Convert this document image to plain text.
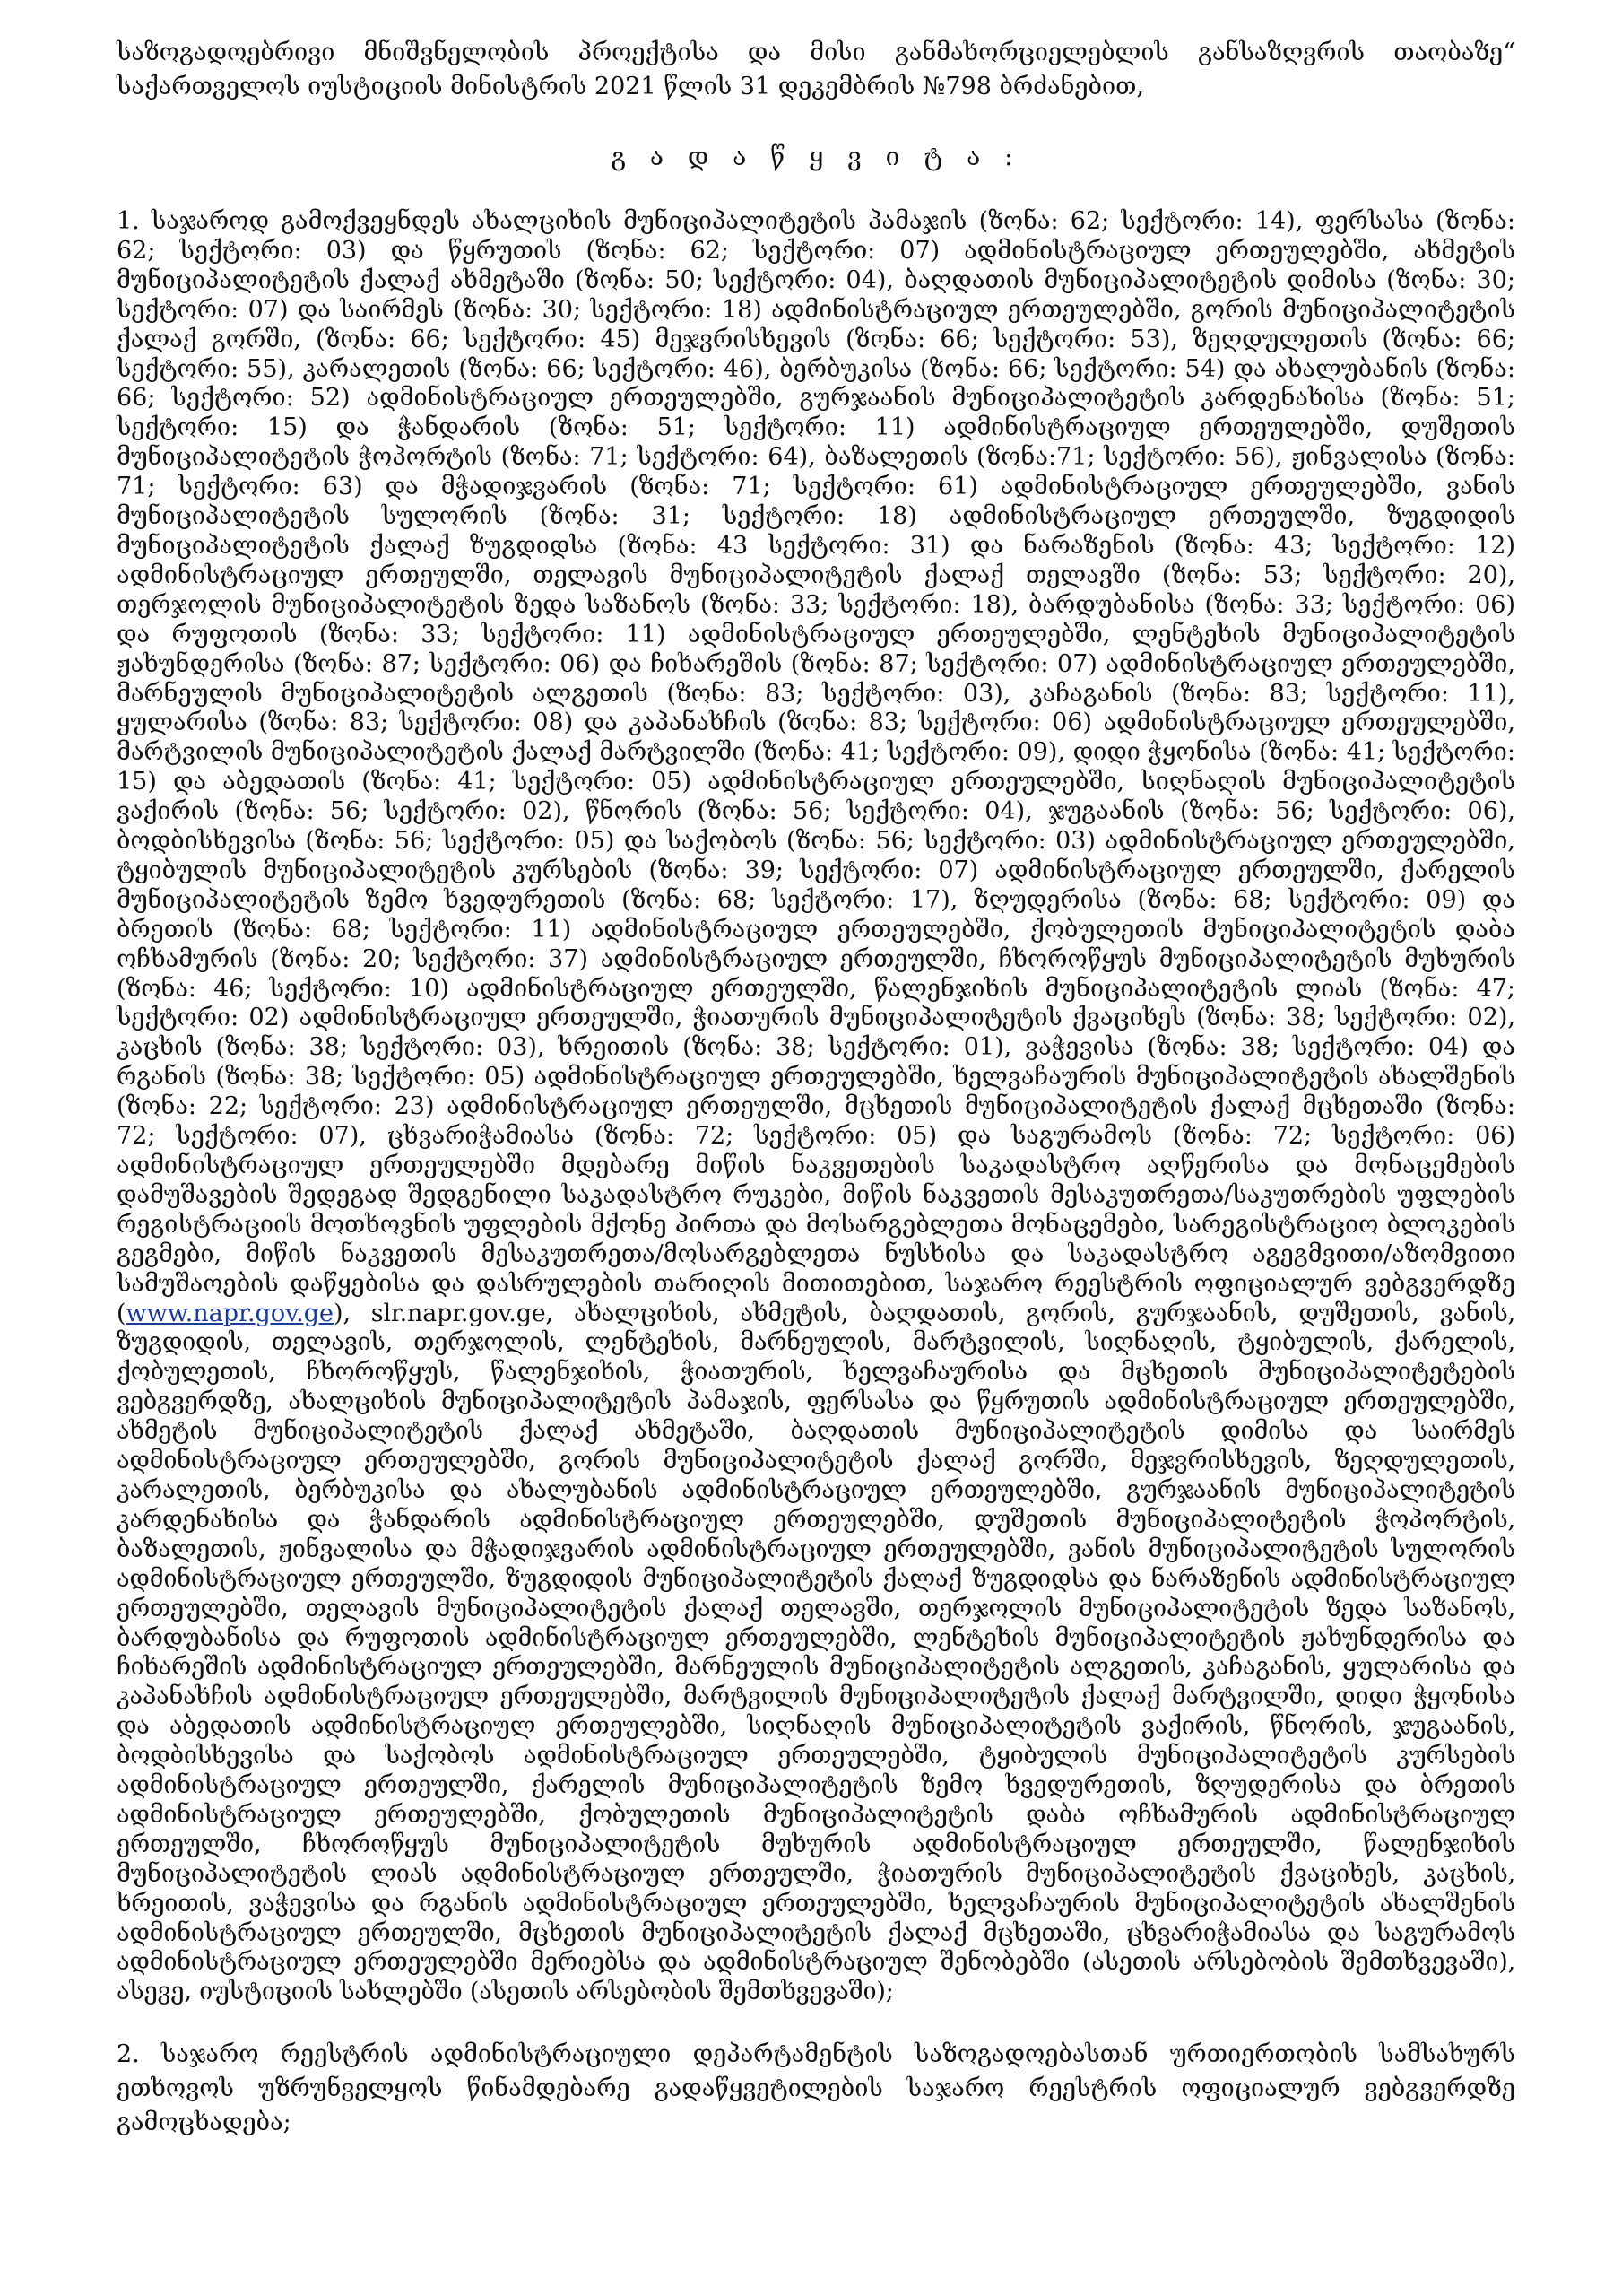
საზოგადოებრივი მნიშვნელობის პროექტისა და მისი განმახორციელებლის განსაზღვრის თაობაზე“ საქართველოს იუსტიციის მინისტრის 2021 წლის 31 დეკემბრის №798 ბრძანებით,

გ ა დ ა წ ყ ვ ი ტ ა :

1. საჯაროდ გამოქვეყნდეს ახალციხის მუნიციპალიტეტის პამაჯის (ზონა: 62; სექტორი: 14), ფერსასა (ზონა: 62; სექტორი: 03) და წყრუთის (ზონა: 62; სექტორი: 07) ადმინისტრაციულ ერთეულებში, ახმეტის მუნიციპალიტეტის ქალაქ ახმეტაში (ზონა: 50; სექტორი: 04), ბაღდათის მუნიციპალიტეტის დიმისა (ზონა: 30; სექტორი: 07) და საირმეს (ზონა: 30; სექტორი: 18) ადმინისტრაციულ ერთეულებში, გორის მუნიციპალიტეტის ქალაქ გორში, (ზონა: 66; სექტორი: 45) მეჯვრისხევის (ზონა: 66; სექტორი: 53), ზეღდულეთის (ზონა: 66; სექტორი: 55), კარალეთის (ზონა: 66; სექტორი: 46), ბერბუკისა (ზონა: 66; სექტორი: 54) და ახალუბანის (ზონა: 66; სექტორი: 52) ადმინისტრაციულ ერთეულებში, გურჯაანის მუნიციპალიტეტის კარდენახისა (ზონა: 51; სექტორი: 15) და ჭანდარის (ზონა: 51; სექტორი: 11) ადმინისტრაციულ ერთეულებში, დუშეთის მუნიციპალიტეტის ჭოპორტის (ზონა: 71; სექტორი: 64), ბაზალეთის (ზონა:71; სექტორი: 56), ჟინვალისა (ზონა: 71; სექტორი: 63) და მჭადიჯვარის (ზონა: 71; სექტორი: 61) ადმინისტრაციულ ერთეულებში, ვანის მუნიციპალიტეტის სულორის (ზონა: 31; სექტორი: 18) ადმინისტრაციულ ერთეულში, ზუგდიდის მუნიციპალიტეტის ქალაქ ზუგდიდსა (ზონა: 43 სექტორი: 31) და ნარაზენის (ზონა: 43; სექტორი: 12) ადმინისტრაციულ ერთეულში, თელავის მუნიციპალიტეტის ქალაქ თელავში (ზონა: 53; სექტორი: 20), თერჯოლის მუნიციპალიტეტის ზედა საზანოს (ზონა: 33; სექტორი: 18), ბარდუბანისა (ზონა: 33; სექტორი: 06) და რუფოთის (ზონა: 33; სექტორი: 11) ადმინისტრაციულ ერთეულებში, ლენტეხის მუნიციპალიტეტის ჟახუნდერისა (ზონა: 87; სექტორი: 06) და ჩიხარეშის (ზონა: 87; სექტორი: 07) ადმინისტრაციულ ერთეულებში, მარნეულის მუნიციპალიტეტის ალგეთის (ზონა: 83; სექტორი: 03), კაჩაგანის (ზონა: 83; სექტორი: 11), ყულარისა (ზონა: 83; სექტორი: 08) და კაპანახჩის (ზონა: 83; სექტორი: 06) ადმინისტრაციულ ერთეულებში, მარტვილის მუნიციპალიტეტის ქალაქ მარტვილში (ზონა: 41; სექტორი: 09), დიდი ჭყონისა (ზონა: 41; სექტორი: 15) და აბედათის (ზონა: 41; სექტორი: 05) ადმინისტრაციულ ერთეულებში, სიღნაღის მუნიციპალიტეტის ვაქირის (ზონა: 56; სექტორი: 02), წნორის (ზონა: 56; სექტორი: 04), ჯუგაანის (ზონა: 56; სექტორი: 06), ბოდბისხევისა (ზონა: 56; სექტორი: 05) და საქობოს (ზონა: 56; სექტორი: 03) ადმინისტრაციულ ერთეულებში, ტყიბულის მუნიციპალიტეტის კურსების (ზონა: 39; სექტორი: 07) ადმინისტრაციულ ერთეულში, ქარელის მუნიციპალიტეტის ზემო ხვედურეთის (ზონა: 68; სექტორი: 17), ზღუდერისა (ზონა: 68; სექტორი: 09) და ბრეთის (ზონა: 68; სექტორი: 11) ადმინისტრაციულ ერთეულებში, ქობულეთის მუნიციპალიტეტის დაბა ოჩხამურის (ზონა: 20; სექტორი: 37) ადმინისტრაციულ ერთეულში, ჩხოროწყუს მუნიციპალიტეტის მუხურის (ზონა: 46; სექტორი: 10) ადმინისტრაციულ ერთეულში, წალენჯიხის მუნიციპალიტეტის ლიას (ზონა: 47; სექტორი: 02) ადმინისტრაციულ ერთეულში, ჭიათურის მუნიციპალიტეტის ქვაციხეს (ზონა: 38; სექტორი: 02), კაცხის (ზონა: 38; სექტორი: 03), ხრეითის (ზონა: 38; სექტორი: 01), ვაჭევისა (ზონა: 38; სექტორი: 04) და რგანის (ზონა: 38; სექტორი: 05) ადმინისტრაციულ ერთეულებში, ხელვაჩაურის მუნიციპალიტეტის ახალშენის (ზონა: 22; სექტორი: 23) ადმინისტრაციულ ერთეულში, მცხეთის მუნიციპალიტეტის ქალაქ მცხეთაში (ზონა: 72; სექტორი: 07), ცხვარიჭამიასა (ზონა: 72; სექტორი: 05) და საგურამოს (ზონა: 72; სექტორი: 06) ადმინისტრაციულ ერთეულებში მდებარე მიწის ნაკვეთების საკადასტრო აღწერისა და მონაცემების დამუშავების შედეგად შედგენილი საკადასტრო რუკები, მიწის ნაკვეთის მესაკუთრეთა/საკუთრების უფლების რეგისტრაციის მოთხოვნის უფლების მქონე პირთა და მოსარგებლეთა მონაცემები, სარეგისტრაციო ბლოკების გეგმები, მიწის ნაკვეთის მესაკუთრეთა/მოსარგებლეთა ნუსხისა და საკადასტრო აგეგმვითი/აზომვითი სამუშაოების დაწყებისა და დასრულების თარიღის მითითებით, საჯარო რეესტრის ოფიციალურ ვებგვერდზე (www.napr.gov.ge), slr.napr.gov.ge, ახალციხის, ახმეტის, ბაღდათის, გორის, გურჯაანის, დუშეთის, ვანის, ზუგდიდის, თელავის, თერჯოლის, ლენტეხის, მარნეულის, მარტვილის, სიღნაღის, ტყიბულის, ქარელის, ქობულეთის, ჩხოროწყუს, წალენჯიხის, ჭიათურის, ხელვაჩაურისა და მცხეთის მუნიციპალიტეტების ვებგვერდზე, ახალციხის მუნიციპალიტეტის პამაჯის, ფერსასა და წყრუთის ადმინისტრაციულ ერთეულებში, ახმეტის მუნიციპალიტეტის ქალაქ ახმეტაში, ბაღდათის მუნიციპალიტეტის დიმისა და საირმეს ადმინისტრაციულ ერთეულებში, გორის მუნიციპალიტეტის ქალაქ გორში, მეჯვრისხევის, ზეღდულეთის, კარალეთის, ბერბუკისა და ახალუბანის ადმინისტრაციულ ერთეულებში, გურჯაანის მუნიციპალიტეტის კარდენახისა და ჭანდარის ადმინისტრაციულ ერთეულებში, დუშეთის მუნიციპალიტეტის ჭოპორტის, ბაზალეთის, ჟინვალისა და მჭადიჯვარის ადმინისტრაციულ ერთეულებში, ვანის მუნიციპალიტეტის სულორის ადმინისტრაციულ ერთეულში, ზუგდიდის მუნიციპალიტეტის ქალაქ ზუგდიდსა და ნარაზენის ადმინისტრაციულ ერთეულებში, თელავის მუნიციპალიტეტის ქალაქ თელავში, თერჯოლის მუნიციპალიტეტის ზედა საზანოს, ბარდუბანისა და რუფოთის ადმინისტრაციულ ერთეულებში, ლენტეხის მუნიციპალიტეტის ჟახუნდერისა და ჩიხარეშის ადმინისტრაციულ ერთეულებში, მარნეულის მუნიციპალიტეტის ალგეთის, კაჩაგანის, ყულარისა და კაპანახჩის ადმინისტრაციულ ერთეულებში, მარტვილის მუნიციპალიტეტის ქალაქ მარტვილში, დიდი ჭყონისა და აბედათის ადმინისტრაციულ ერთეულებში, სიღნაღის მუნიციპალიტეტის ვაქირის, წნორის, ჯუგაანის, ბოდბისხევისა და საქობოს ადმინისტრაციულ ერთეულებში, ტყიბულის მუნიციპალიტეტის კურსების ადმინისტრაციულ ერთეულში, ქარელის მუნიციპალიტეტის ზემო ხვედურეთის, ზღუდერისა და ბრეთის ადმინისტრაციულ ერთეულებში, ქობულეთის მუნიციპალიტეტის დაბა ოჩხამურის ადმინისტრაციულ ერთეულში, ჩხოროწყუს მუნიციპალიტეტის მუხურის ადმინისტრაციულ ერთეულში, წალენჯიხის მუნიციპალიტეტის ლიას ადმინისტრაციულ ერთეულში, ჭიათურის მუნიციპალიტეტის ქვაციხეს, კაცხის, ხრეითის, ვაჭევისა და რგანის ადმინისტრაციულ ერთეულებში, ხელვაჩაურის მუნიციპალიტეტის ახალშენის ადმინისტრაციულ ერთეულში, მცხეთის მუნიციპალიტეტის ქალაქ მცხეთაში, ცხვარიჭამიასა და საგურამოს ადმინისტრაციულ ერთეულებში მერიებსა და ადმინისტრაციულ შენობებში (ასეთის არსებობის შემთხვევაში), ასევე, იუსტიციის სახლებში (ასეთის არსებობის შემთხვევაში);

2. საჯარო რეესტრის ადმინისტრაციული დეპარტამენტის საზოგადოებასთან ურთიერთობის სამსახურს ეთხოვოს უზრუნველყოს წინამდებარე გადაწყვეტილების საჯარო რეესტრის ოფიციალურ ვებგვერდზე გამოცხადება;
